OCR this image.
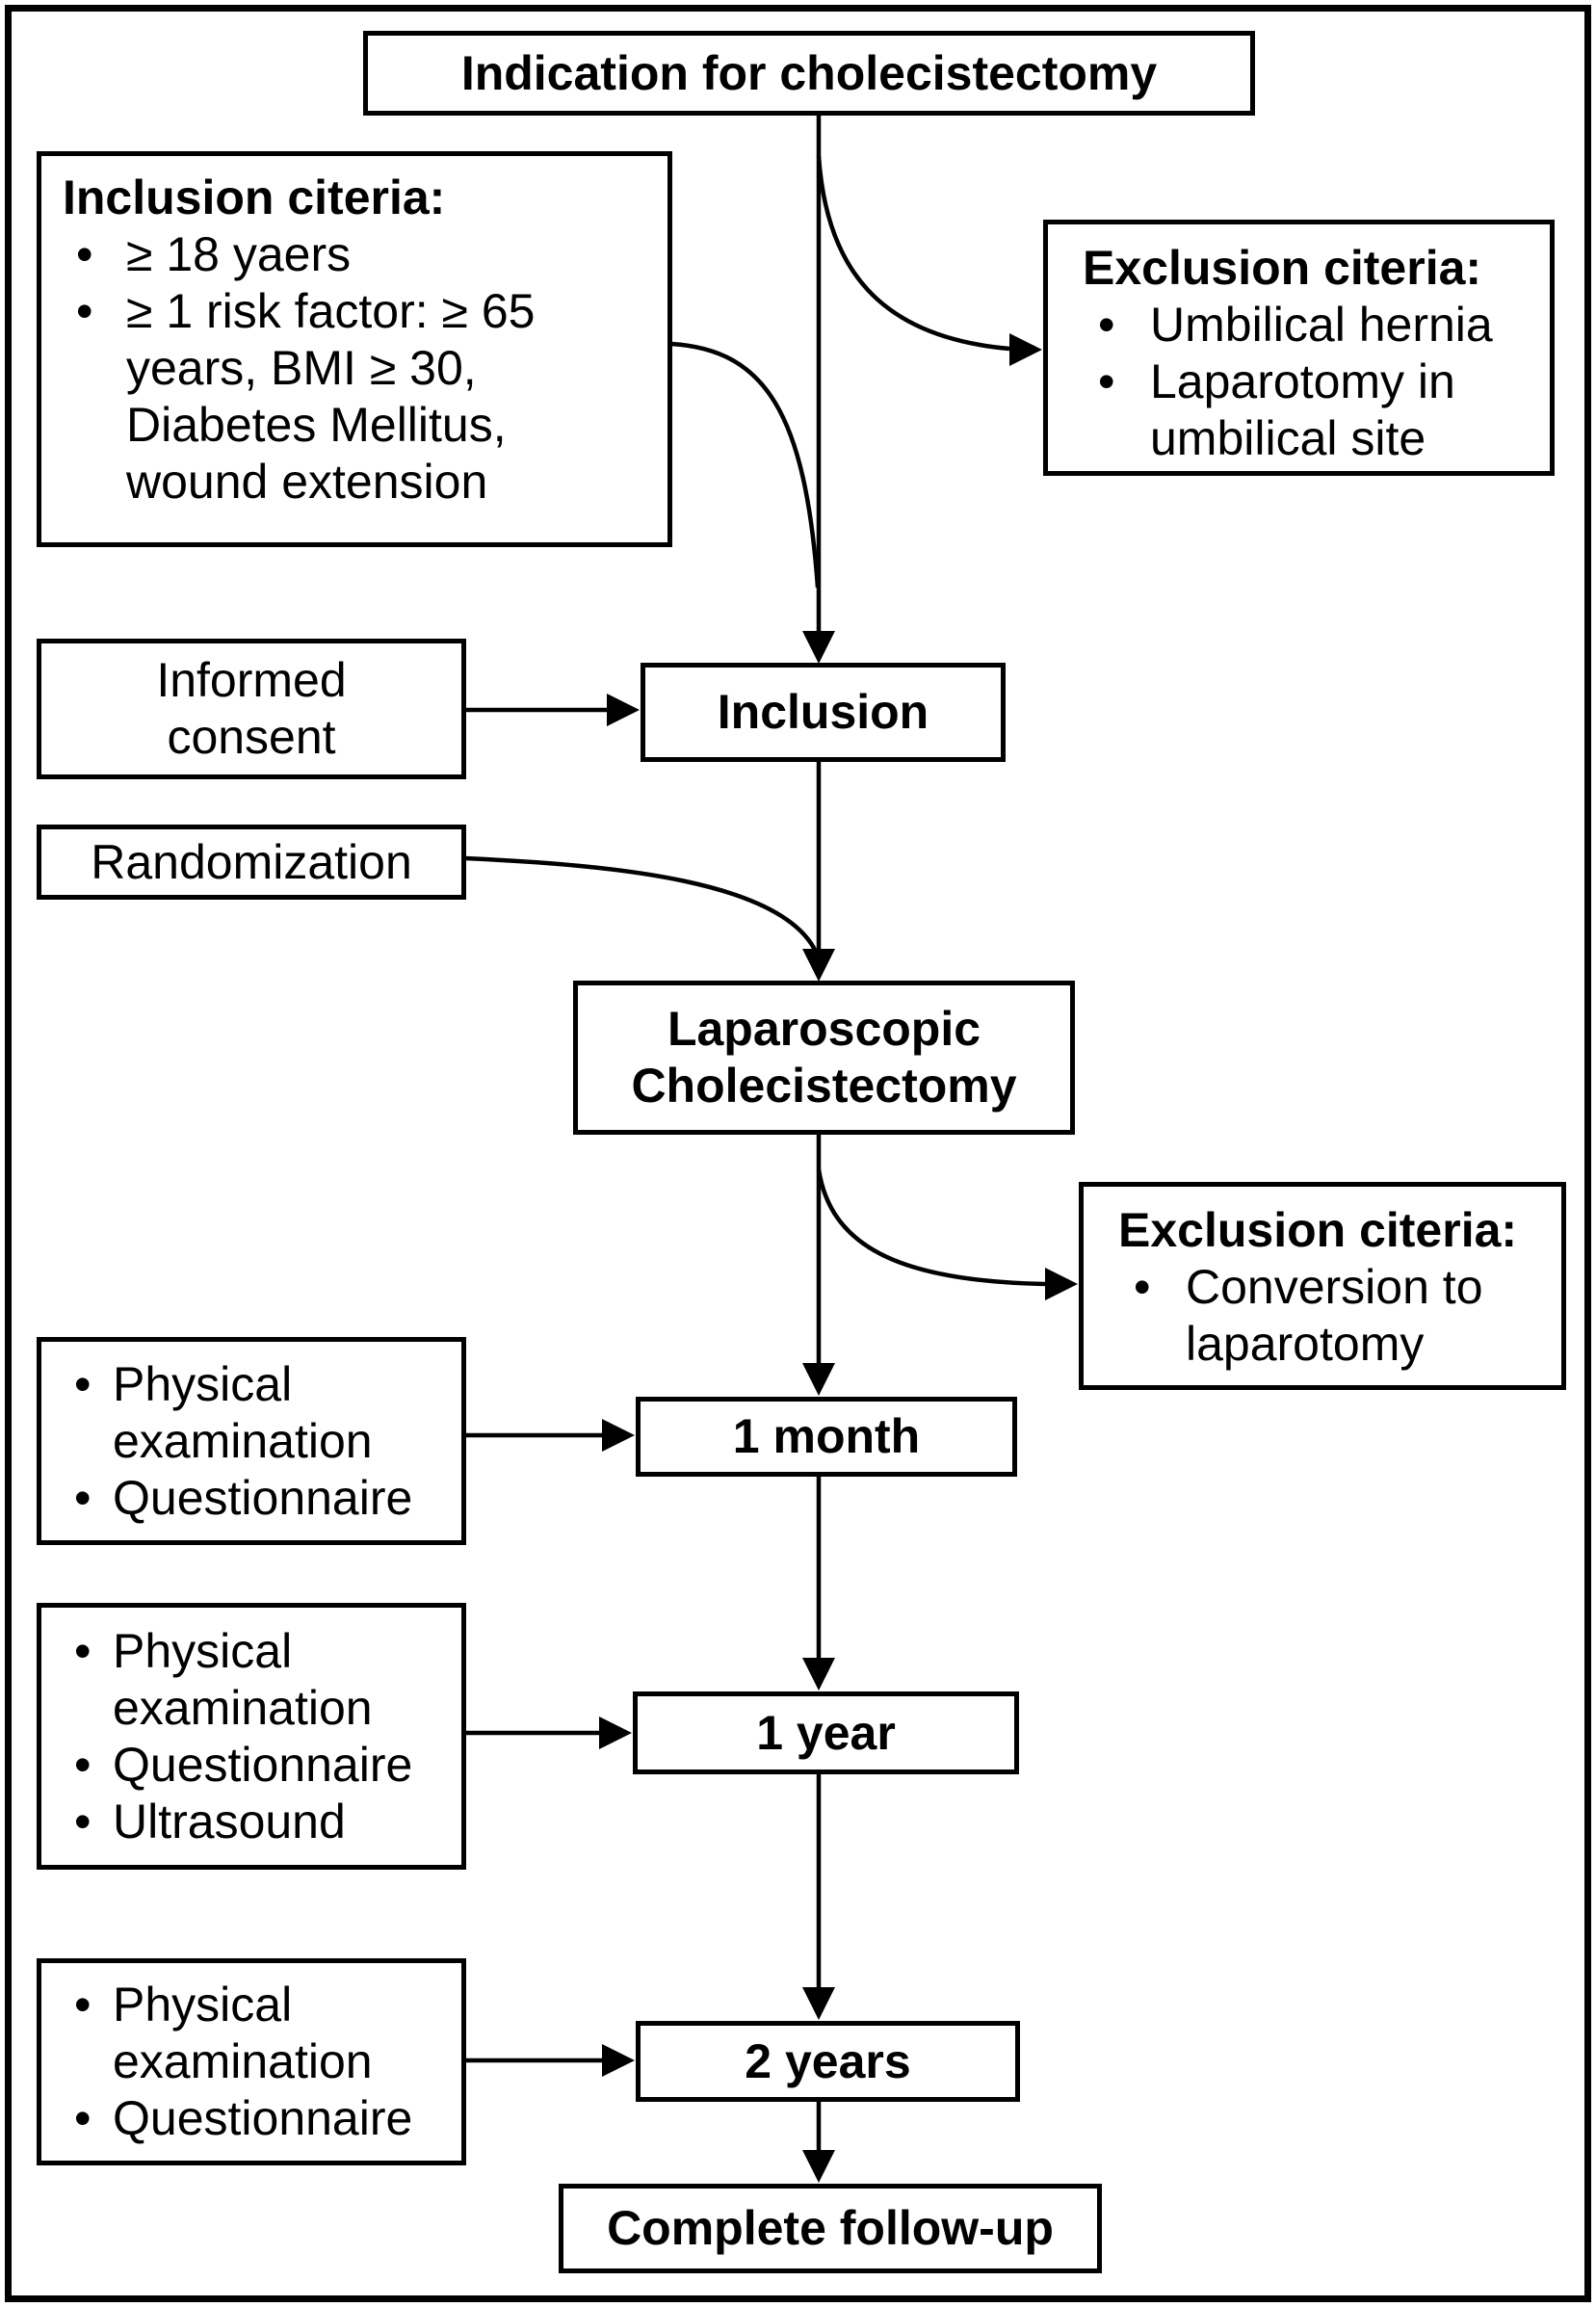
Indication for cholecistectomy
Inclusion citeria:
• ≥ 18 yaers
• ≥ 1 risk factor: ≥ 65 years, BMI ≥ 30, Diabetes Mellitus, wound extension
Exclusion citeria:
• Umbilical hernia
• Laparotomy in umbilical site
Informed consent	Inclusion
Randomization
Laparoscopic Cholecistectomy
Exclusion citeria:
• Conversion to laparotomy
• Physical examination
• Questionnaire
1 month
• Physical examination
• Questionnaire
• Ultrasound
1 year
• Physical examination
• Questionnaire
2 years
Complete follow-up
